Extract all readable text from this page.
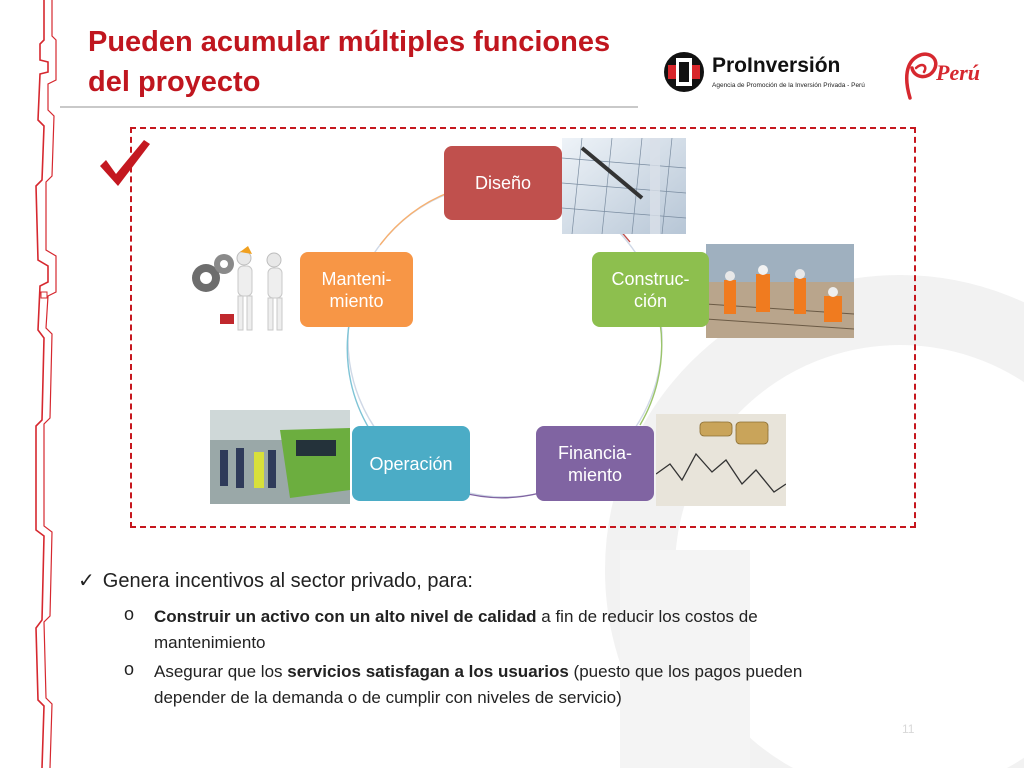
Pueden acumular múltiples funciones
del proyecto
ProInversión
Agencia de Promoción de la Inversión Privada - Perú
Perú
Diseño
Construc-
ción
Financia-
miento
Operación
Manteni-
miento
✓ Genera incentivos al sector privado, para:
o Construir un activo con un alto nivel de calidad a fin de reducir los costos de
mantenimiento
o Asegurar que los servicios satisfagan a los usuarios (puesto que los pagos pueden
depender de la demanda o de cumplir con niveles de servicio)
11
